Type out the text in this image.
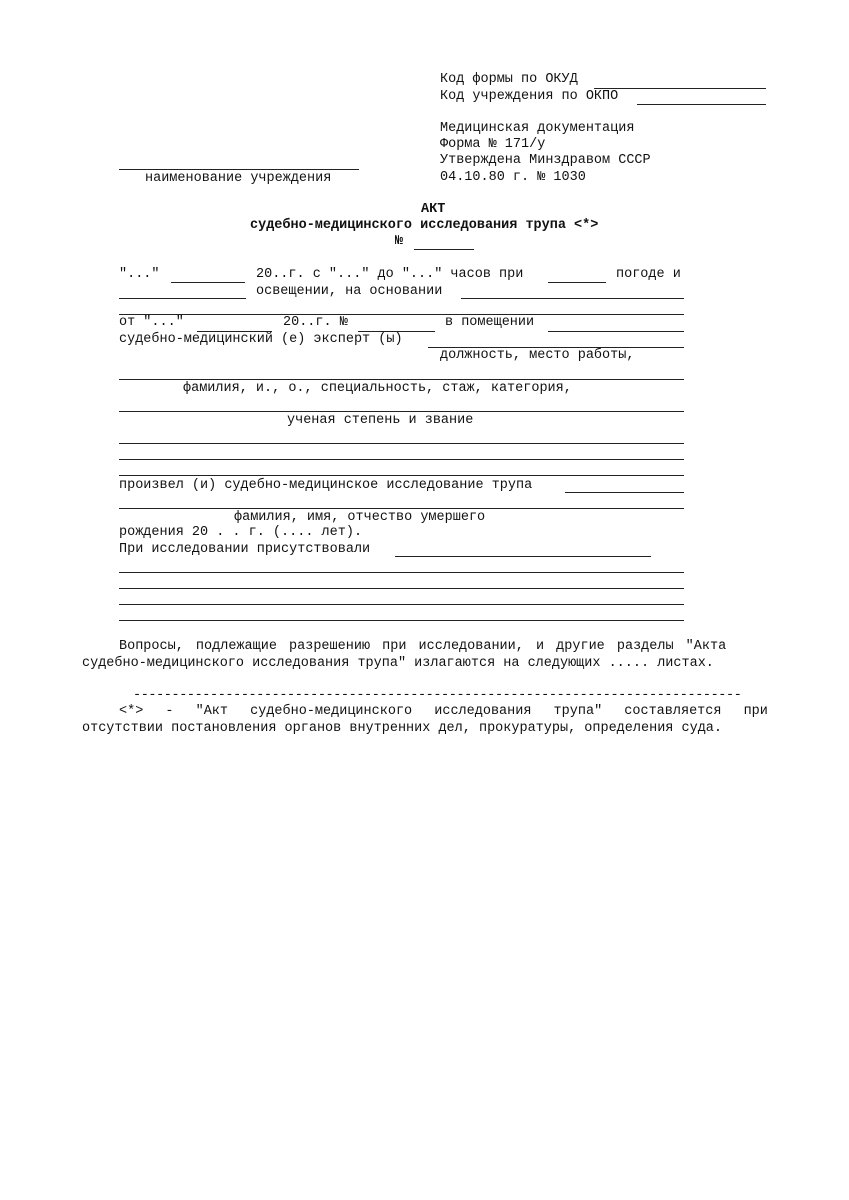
Код формы по ОКУД
Код учреждения по ОКПО
Медицинская документация
Форма № 171/у
Утверждена Минздравом СССР
04.10.80 г. № 1030
наименование учреждения
АКТ
судебно-медицинского исследования трупа <*>
№
"..."	20..г. с "..." до "..." часов при	погоде и
освещении, на основании
от "..."	20..г. №	в помещении
судебно-медицинский (е) эксперт (ы)
должность, место работы,
фамилия, и., о., специальность, стаж, категория,
ученая степень и звание
произвел (и) судебно-медицинское исследование трупа
фамилия, имя, отчество умершего
рождения 20 . . г. (.... лет).
При исследовании присутствовали
Вопросы, подлежащие разрешению при исследовании, и другие разделы "Акта
судебно-медицинского исследования трупа" излагаются на следующих ..... листах.
-------------------------------------------------------------------------------
<*> - "Акт судебно-медицинского исследования трупа" составляется при
отсутствии постановления органов внутренних дел, прокуратуры, определения суда.
